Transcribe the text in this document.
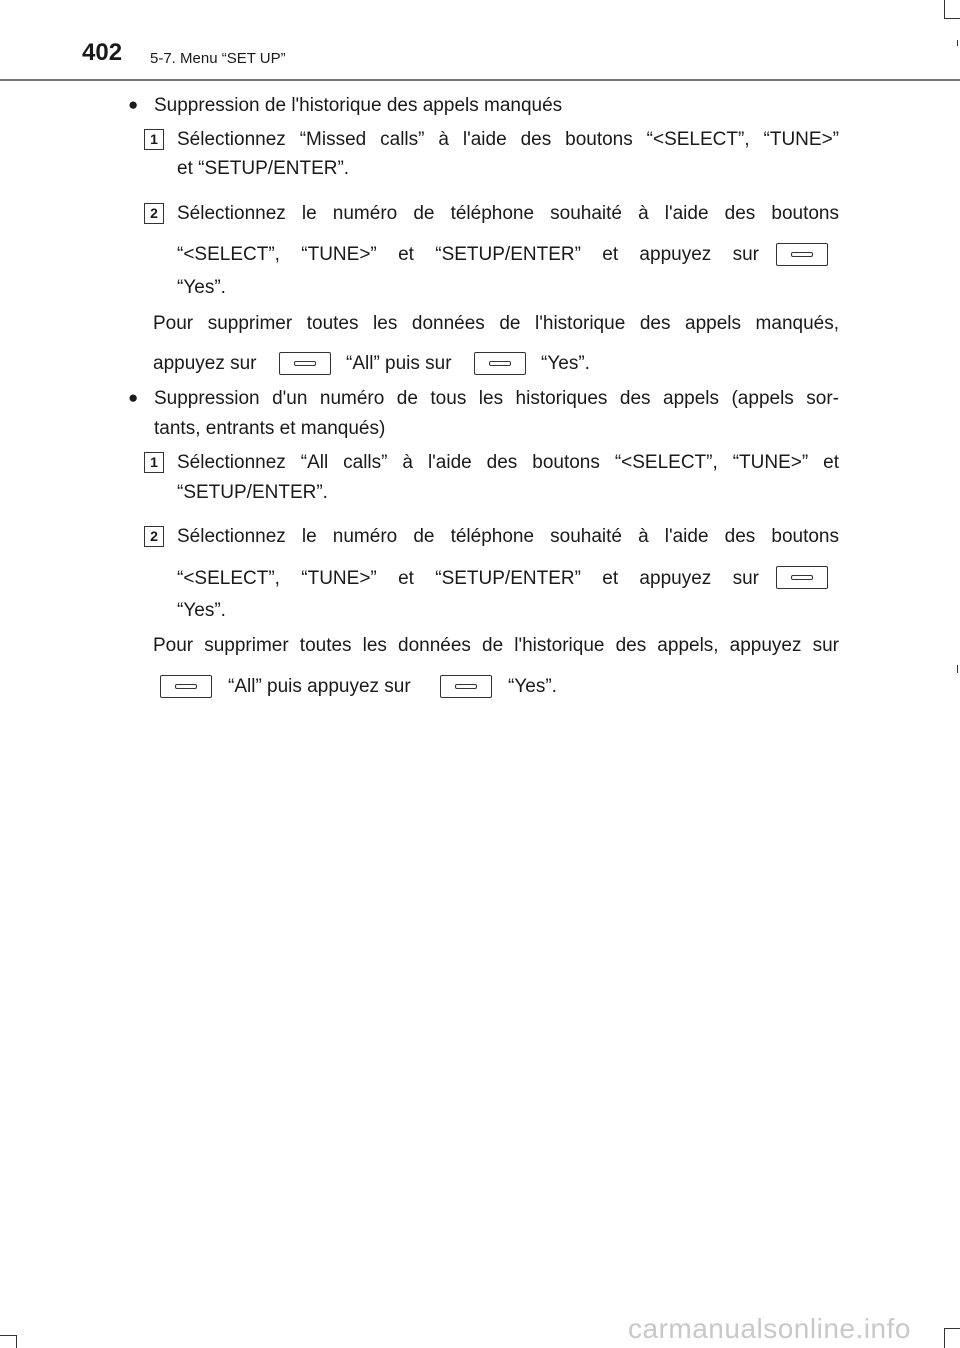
402 5-7. Menu “SET UP”
● Suppression de l'historique des appels manqués
1	Sélectionnez “Missed calls” à l'aide des boutons “<SELECT”, “TUNE>”
et “SETUP/ENTER”.
2	Sélectionnez le numéro de téléphone souhaité à l'aide des boutons
“<SELECT”, “TUNE>” et “SETUP/ENTER” et appuyez sur
“Yes”.
Pour supprimer toutes les données de l'historique des appels manqués,
appuyez sur	“All” puis sur	“Yes”.
● Suppression d'un numéro de tous les historiques des appels (appels sor-
tants, entrants et manqués)
1	Sélectionnez “All calls” à l'aide des boutons “<SELECT”, “TUNE>” et
“SETUP/ENTER”.
2	Sélectionnez le numéro de téléphone souhaité à l'aide des boutons
“<SELECT”, “TUNE>” et “SETUP/ENTER” et appuyez sur
“Yes”.
Pour supprimer toutes les données de l'historique des appels, appuyez sur
“All” puis appuyez sur	“Yes”.
carmanualsonline.info
